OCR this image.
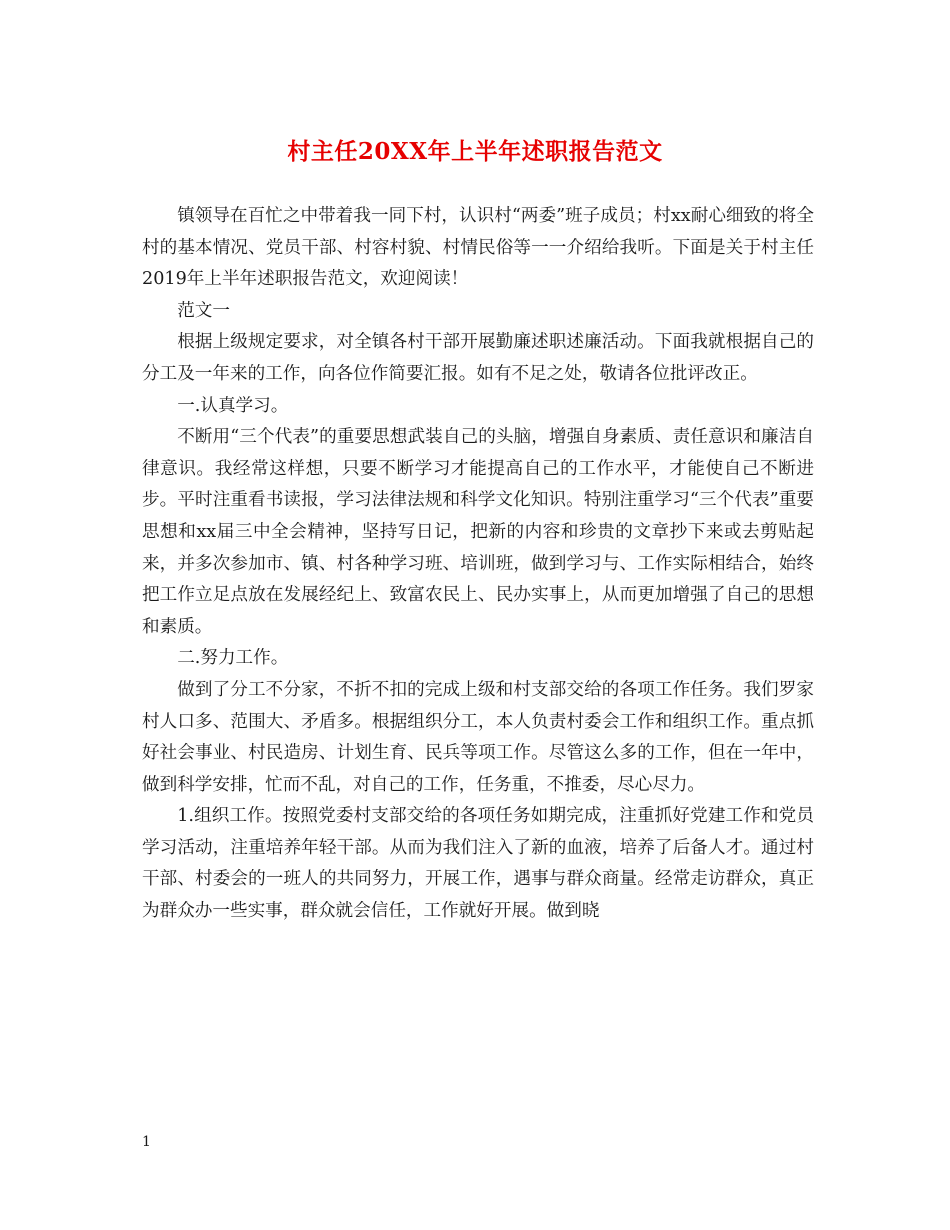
村主任20XX年上半年述职报告范文

镇领导在百忙之中带着我一同下村，认识村“两委”班子成员；村xx耐心细致的将全村的基本情况、党员干部、村容村貌、村情民俗等一一介绍给我听。下面是关于村主任2019年上半年述职报告范文，欢迎阅读！

范文一

根据上级规定要求，对全镇各村干部开展勤廉述职述廉活动。下面我就根据自己的分工及一年来的工作，向各位作简要汇报。如有不足之处，敬请各位批评改正。

一.认真学习。

不断用“三个代表”的重要思想武装自己的头脑，增强自身素质、责任意识和廉洁自律意识。我经常这样想，只要不断学习才能提高自己的工作水平，才能使自己不断进步。平时注重看书读报，学习法律法规和科学文化知识。特别注重学习“三个代表”重要思想和xx届三中全会精神，坚持写日记，把新的内容和珍贵的文章抄下来或去剪贴起来，并多次参加市、镇、村各种学习班、培训班，做到学习与、工作实际相结合，始终把工作立足点放在发展经纪上、致富农民上、民办实事上，从而更加增强了自己的思想和素质。

二.努力工作。

做到了分工不分家，不折不扣的完成上级和村支部交给的各项工作任务。我们罗家村人口多、范围大、矛盾多。根据组织分工，本人负责村委会工作和组织工作。重点抓好社会事业、村民造房、计划生育、民兵等项工作。尽管这么多的工作，但在一年中，做到科学安排，忙而不乱，对自己的工作，任务重，不推委，尽心尽力。

1.组织工作。按照党委村支部交给的各项任务如期完成，注重抓好党建工作和党员学习活动，注重培养年轻干部。从而为我们注入了新的血液，培养了后备人才。通过村干部、村委会的一班人的共同努力，开展工作，遇事与群众商量。经常走访群众，真正为群众办一些实事，群众就会信任，工作就好开展。做到晓

1
